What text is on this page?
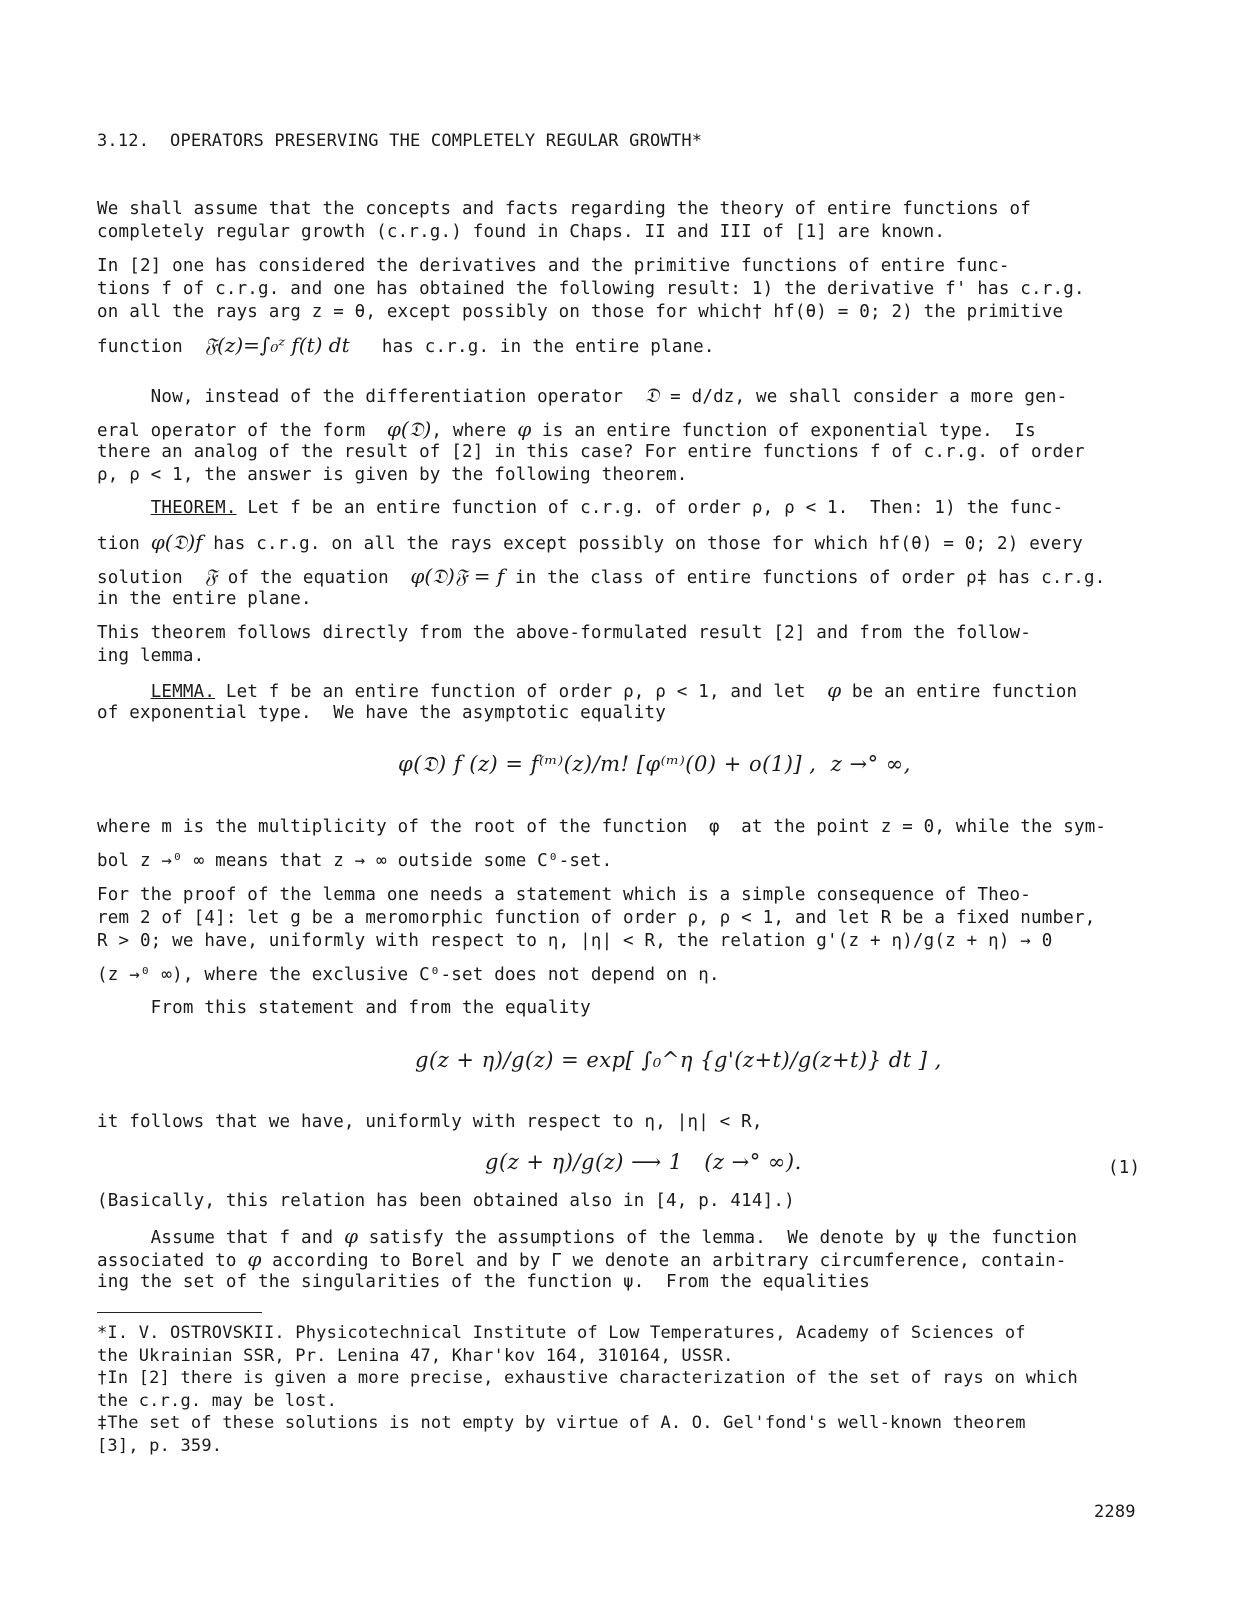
3.12.  OPERATORS PRESERVING THE COMPLETELY REGULAR GROWTH*
We shall assume that the concepts and facts regarding the theory of entire functions of
completely regular growth (c.r.g.) found in Chaps. II and III of [1] are known.
In [2] one has considered the derivatives and the primitive functions of entire func-
tions f of c.r.g. and one has obtained the following result: 1) the derivative f' has c.r.g.
on all the rays arg z = θ, except possibly on those for which† hf(θ) = 0; 2) the primitive
function 𝔉(z)=∫₀ᶻ f(t) dt has c.r.g. in the entire plane.
Now, instead of the differentiation operator 𝔇 = d/dz, we shall consider a more gen-
eral operator of the form φ(𝔇), where φ is an entire function of exponential type.  Is
there an analog of the result of [2] in this case? For entire functions f of c.r.g. of order
ρ, ρ < 1, the answer is given by the following theorem.
THEOREM. Let f be an entire function of c.r.g. of order ρ, ρ < 1.  Then: 1) the func-
tion φ(𝔇)f has c.r.g. on all the rays except possibly on those for which hf(θ) = 0; 2) every
solution 𝔉 of the equation φ(𝔇)𝔉 = f in the class of entire functions of order ρ‡ has c.r.g.
in the entire plane.
This theorem follows directly from the above-formulated result [2] and from the follow-
ing lemma.
LEMMA. Let f be an entire function of order ρ, ρ < 1, and let φ be an entire function
of exponential type.  We have the asymptotic equality
φ(𝔇) f (z) = f⁽ᵐ⁾(z)/m! [φ⁽ᵐ⁾(0) + o(1)] ,  z →° ∞,
where m is the multiplicity of the root of the function  φ  at the point z = 0, while the sym-
bol z →⁰ ∞ means that z → ∞ outside some C⁰-set.
For the proof of the lemma one needs a statement which is a simple consequence of Theo-
rem 2 of [4]: let g be a meromorphic function of order ρ, ρ < 1, and let R be a fixed number,
R > 0; we have, uniformly with respect to η, |η| < R, the relation g'(z + η)/g(z + η) → 0
(z →⁰ ∞), where the exclusive C⁰-set does not depend on η.
From this statement and from the equality
g(z + η)/g(z) = exp[ ∫₀^η {g'(z+t)/g(z+t)} dt ] ,
it follows that we have, uniformly with respect to η, |η| < R,
g(z + η)/g(z) ⟶ 1   (z →° ∞).	(1)
(Basically, this relation has been obtained also in [4, p. 414].)
Assume that f and φ satisfy the assumptions of the lemma.  We denote by ψ the function
associated to φ according to Borel and by Γ we denote an arbitrary circumference, contain-
ing the set of the singularities of the function ψ.  From the equalities
*I. V. OSTROVSKII. Physicotechnical Institute of Low Temperatures, Academy of Sciences of
the Ukrainian SSR, Pr. Lenina 47, Khar'kov 164, 310164, USSR.
†In [2] there is given a more precise, exhaustive characterization of the set of rays on which
the c.r.g. may be lost.
‡The set of these solutions is not empty by virtue of A. O. Gel'fond's well-known theorem
[3], p. 359.
2289
